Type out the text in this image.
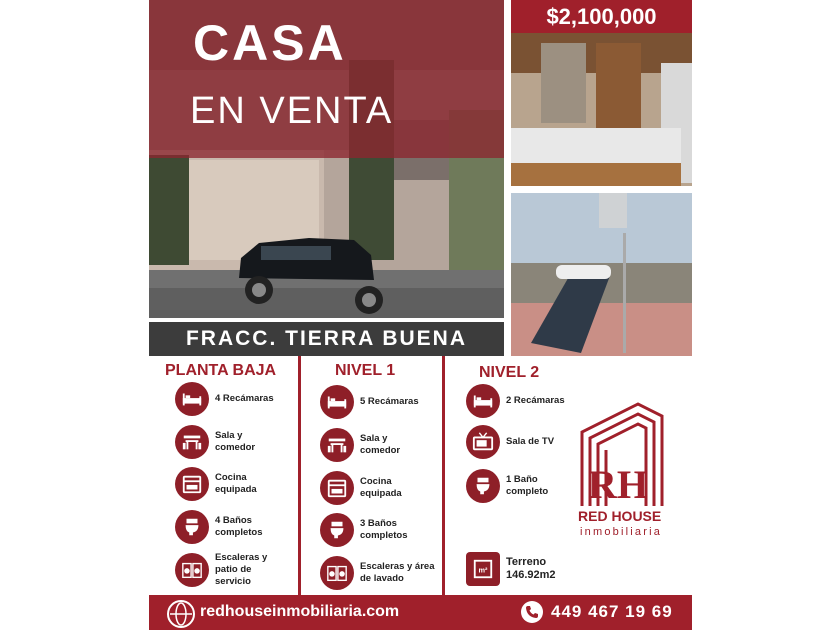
CASA
EN VENTA
FRACC. TIERRA BUENA
$2,100,000
PLANTA BAJA	NIVEL 1	NIVEL 2
4 Recámaras
Sala y comedor
Cocina equipada
4 Baños completos
Escaleras y patio de servicio
5 Recámaras
Sala y comedor
Cocina equipada
3 Baños completos
Escaleras y área de lavado
2 Recámaras
Sala de TV
1 Baño completo
Terreno 146.92m2
RH
RED HOUSE
inmobiliaria
redhouseinmobiliaria.com	449 467 19 69
